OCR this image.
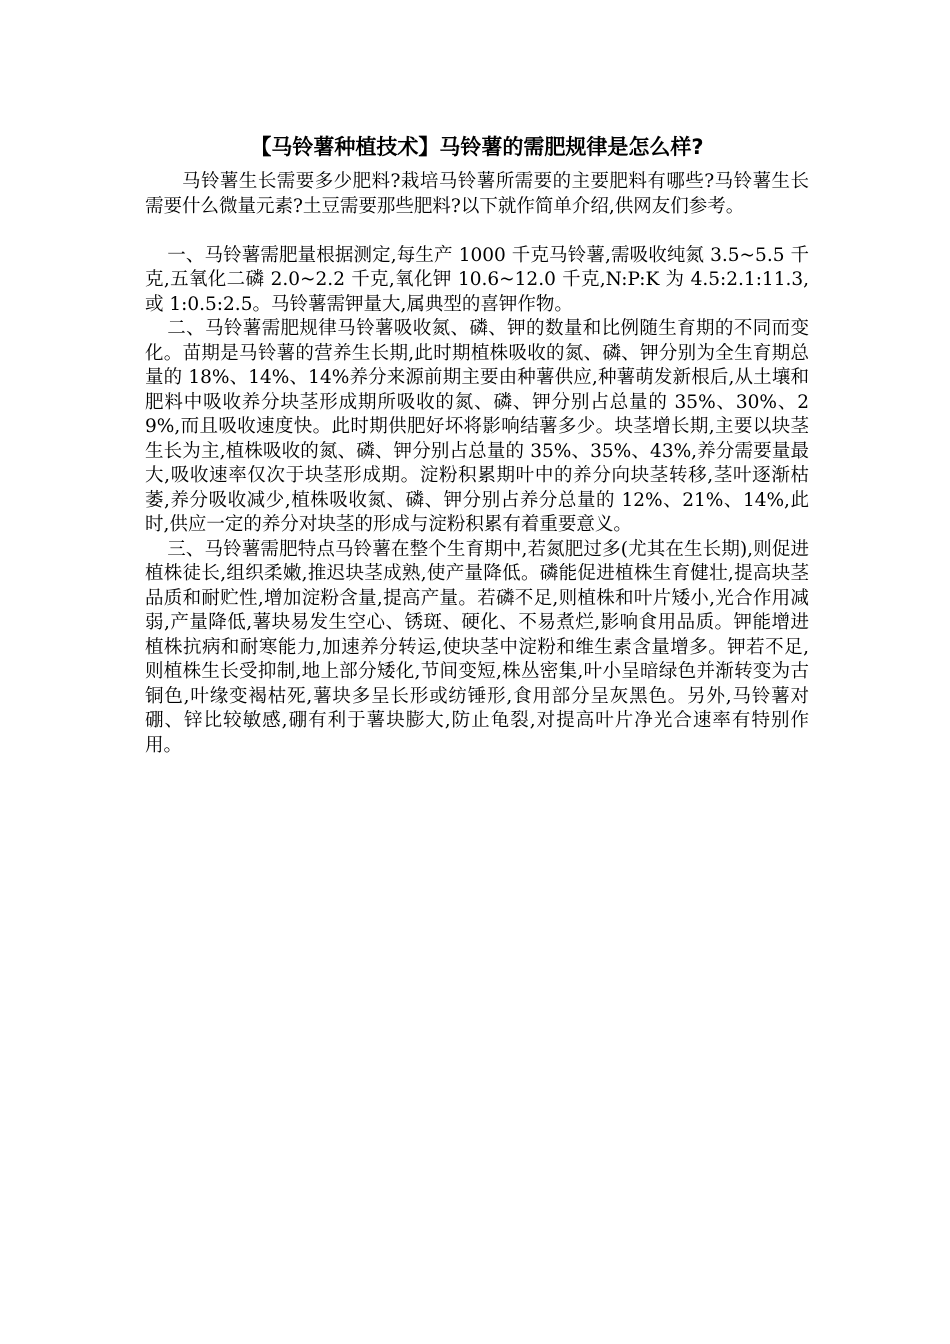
【马铃薯种植技术】马铃薯的需肥规律是怎么样?

马铃薯生长需要多少肥料?栽培马铃薯所需要的主要肥料有哪些?马铃薯生长需要什么微量元素?土豆需要那些肥料?以下就作简单介绍,供网友们参考。

一、马铃薯需肥量根据测定,每生产 1000 千克马铃薯,需吸收纯氮 3.5~5.5 千克,五氧化二磷 2.0~2.2 千克,氧化钾 10.6~12.0 千克,N:P:K 为 4.5:2.1:11.3,或 1:0.5:2.5。马铃薯需钾量大,属典型的喜钾作物。

二、马铃薯需肥规律马铃薯吸收氮、磷、钾的数量和比例随生育期的不同而变化。苗期是马铃薯的营养生长期,此时期植株吸收的氮、磷、钾分别为全生育期总量的 18%、14%、14%养分来源前期主要由种薯供应,种薯萌发新根后,从土壤和肥料中吸收养分块茎形成期所吸收的氮、磷、钾分别占总量的 35%、30%、29%,而且吸收速度快。此时期供肥好坏将影响结薯多少。块茎增长期,主要以块茎生长为主,植株吸收的氮、磷、钾分别占总量的 35%、35%、43%,养分需要量最大,吸收速率仅次于块茎形成期。淀粉积累期叶中的养分向块茎转移,茎叶逐渐枯萎,养分吸收减少,植株吸收氮、磷、钾分别占养分总量的 12%、21%、14%,此时,供应一定的养分对块茎的形成与淀粉积累有着重要意义。

三、马铃薯需肥特点马铃薯在整个生育期中,若氮肥过多(尤其在生长期),则促进植株徒长,组织柔嫩,推迟块茎成熟,使产量降低。磷能促进植株生育健壮,提高块茎品质和耐贮性,增加淀粉含量,提高产量。若磷不足,则植株和叶片矮小,光合作用减弱,产量降低,薯块易发生空心、锈斑、硬化、不易煮烂,影响食用品质。钾能增进植株抗病和耐寒能力,加速养分转运,使块茎中淀粉和维生素含量增多。钾若不足,则植株生长受抑制,地上部分矮化,节间变短,株丛密集,叶小呈暗绿色并渐转变为古铜色,叶缘变褐枯死,薯块多呈长形或纺锤形,食用部分呈灰黑色。另外,马铃薯对硼、锌比较敏感,硼有利于薯块膨大,防止龟裂,对提高叶片净光合速率有特别作用。
